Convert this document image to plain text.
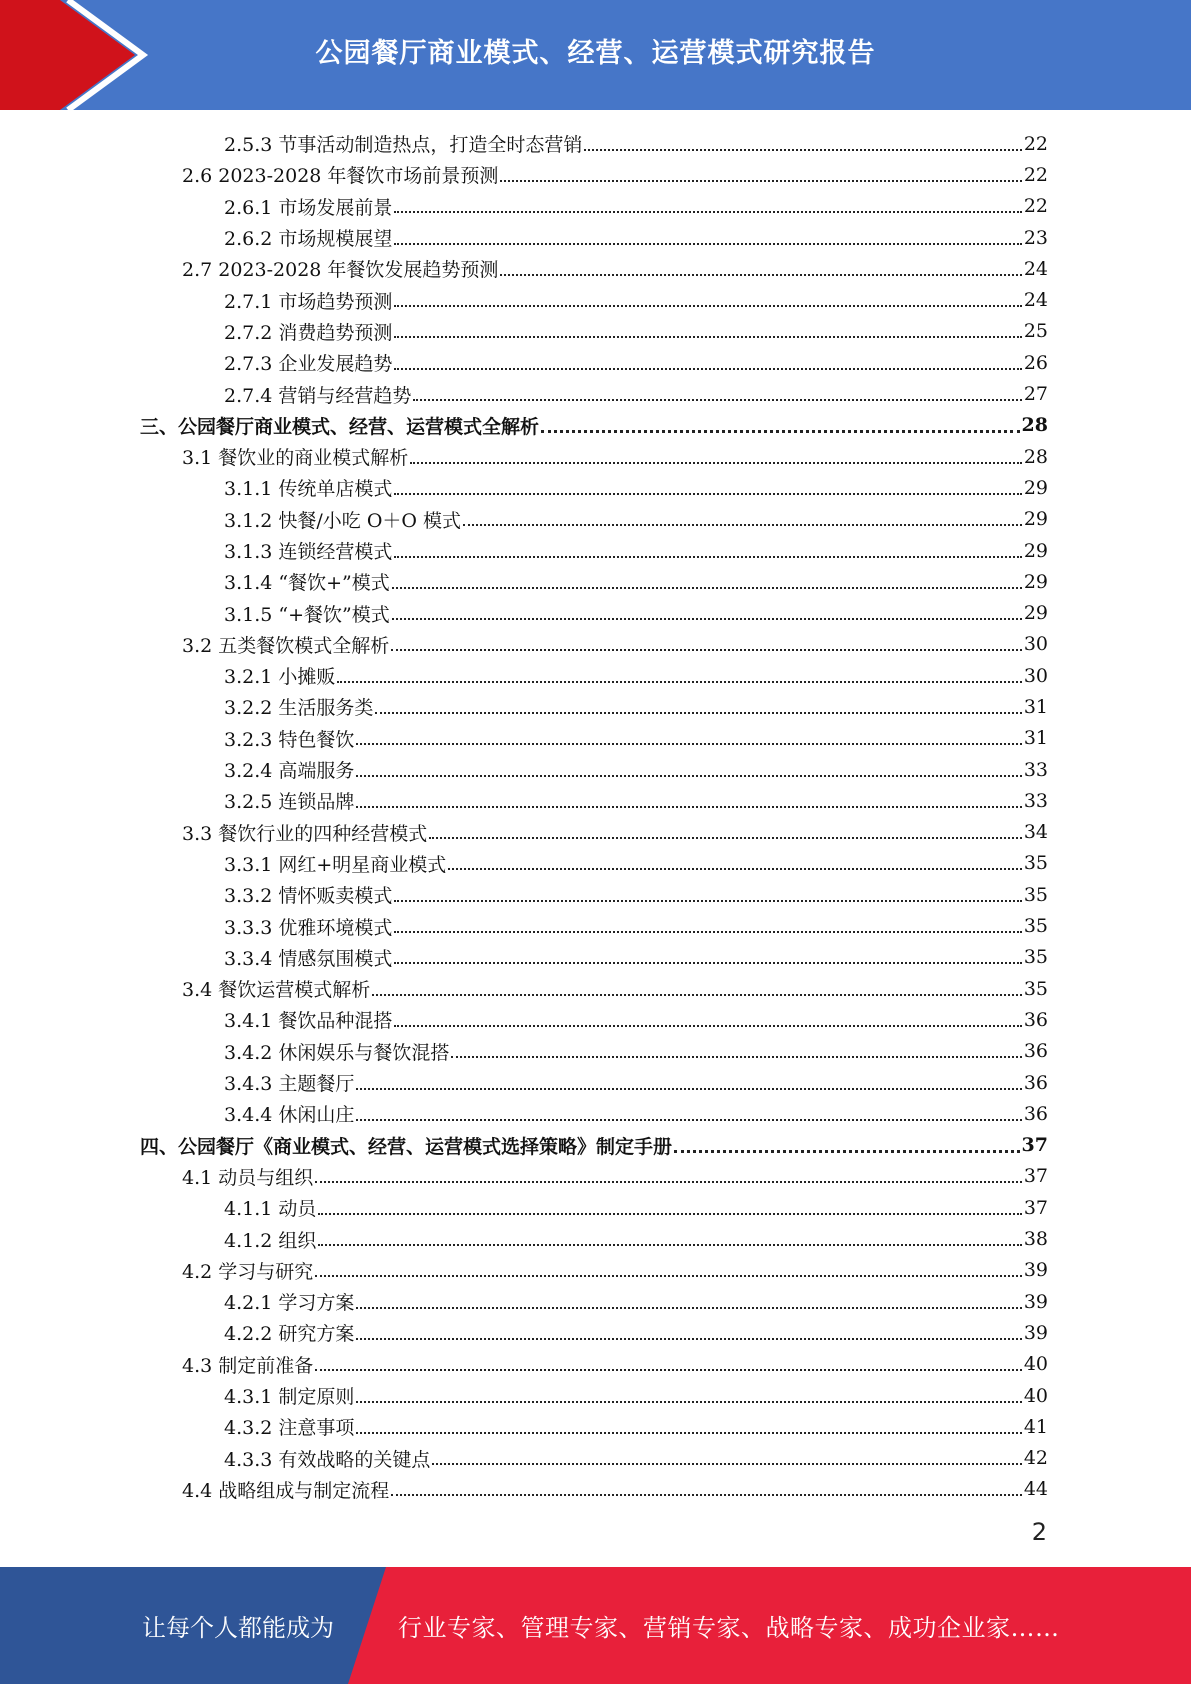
公园餐厅商业模式、经营、运营模式研究报告
2.5.3 节事活动制造热点，打造全时态营销	22
2.6 2023-2028 年餐饮市场前景预测	22
2.6.1 市场发展前景	22
2.6.2 市场规模展望	23
2.7 2023-2028 年餐饮发展趋势预测	24
2.7.1 市场趋势预测	24
2.7.2 消费趋势预测	25
2.7.3 企业发展趋势	26
2.7.4 营销与经营趋势	27
三、公园餐厅商业模式、经营、运营模式全解析	28
3.1 餐饮业的商业模式解析	28
3.1.1 传统单店模式	29
3.1.2 快餐/小吃 O＋O 模式	29
3.1.3 连锁经营模式	29
3.1.4 “餐饮+”模式	29
3.1.5 “+餐饮”模式	29
3.2 五类餐饮模式全解析	30
3.2.1 小摊贩	30
3.2.2 生活服务类	31
3.2.3 特色餐饮	31
3.2.4 高端服务	33
3.2.5 连锁品牌	33
3.3 餐饮行业的四种经营模式	34
3.3.1 网红+明星商业模式	35
3.3.2 情怀贩卖模式	35
3.3.3 优雅环境模式	35
3.3.4 情感氛围模式	35
3.4 餐饮运营模式解析	35
3.4.1 餐饮品种混搭	36
3.4.2 休闲娱乐与餐饮混搭	36
3.4.3 主题餐厅	36
3.4.4 休闲山庄	36
四、公园餐厅《商业模式、经营、运营模式选择策略》制定手册	37
4.1 动员与组织	37
4.1.1 动员	37
4.1.2 组织	38
4.2 学习与研究	39
4.2.1 学习方案	39
4.2.2 研究方案	39
4.3 制定前准备	40
4.3.1 制定原则	40
4.3.2 注意事项	41
4.3.3 有效战略的关键点	42
4.4 战略组成与制定流程	44
2
让每个人都能成为	行业专家、管理专家、营销专家、战略专家、成功企业家……
